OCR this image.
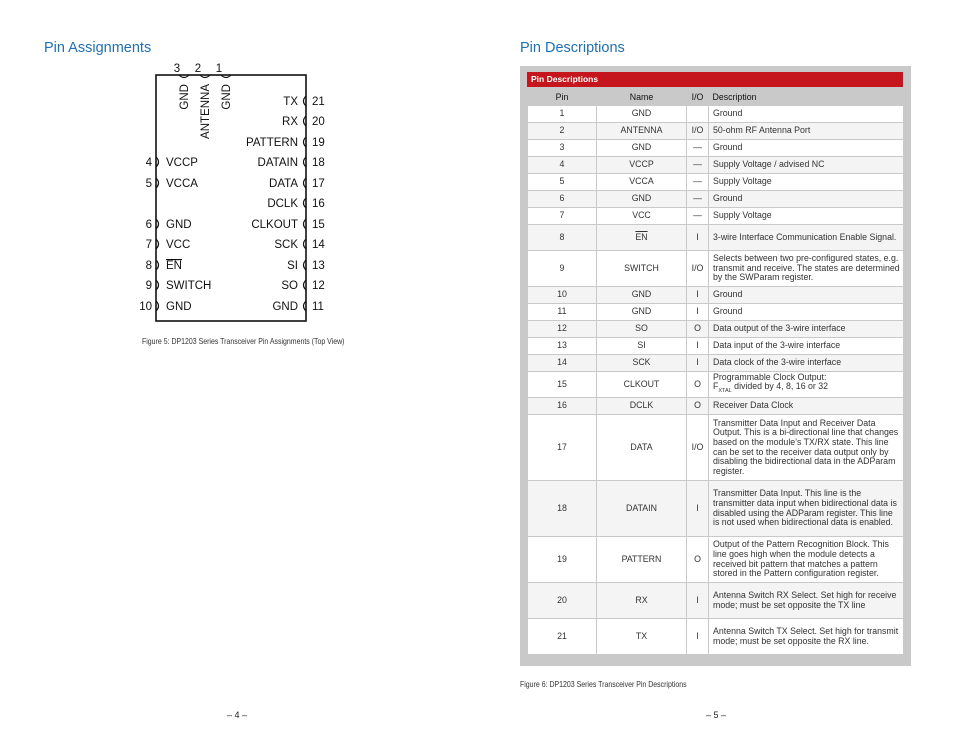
Pin Assignments	Pin Descriptions
4 VCCP
5 VCCA
6 GND
7 VCC
8 EN
9 SWITCH
10 GND
TX 21
RX 20
PATTERN 19
DATAIN 18
DATA 17
DCLK 16
CLKOUT 15
SCK 14
SI 13
SO 12
GND 11
3
GND
2
ANTENNA
1
GND
Figure 5: DP1203 Series Transceiver Pin Assignments (Top View)
Pin Descriptions
Pin	Name	I/O	Description
1	GND		Ground
2	ANTENNA	I/O	50-ohm RF Antenna Port
3	GND	—	Ground
4	VCCP	—	Supply Voltage / advised NC
5	VCCA	—	Supply Voltage
6	GND	—	Ground
7	VCC	—	Supply Voltage
8	$\overline{EN}$	I	3-wire Interface Communication Enable Signal.
9	SWITCH	I/O	Selects between two pre-configured states, e.g. transmit and receive. The states are determined by the SWParam register.
10	GND	I	Ground
11	GND	I	Ground
12	SO	O	Data output of the 3-wire interface
13	SI	I	Data input of the 3-wire interface
14	SCK	I	Data clock of the 3-wire interface
15	CLKOUT	O	Programmable Clock Output:
$F_{XTAL}$ divided by 4, 8, 16 or 32

16	DCLK	O	Receiver Data Clock
17	DATA	I/O	Transmitter Data Input and Receiver Data Output. This is a bi-directional line that changes based on the module’s TX/RX state. This line can be set to the receiver data output only by disabling the bidirectional data in the ADParam register.
18	DATAIN	I	Transmitter Data Input. This line is the transmitter data input when bidirectional data is disabled using the ADParam register. This line is not used when bidirectional data is enabled.
19	PATTERN	O	Output of the Pattern Recognition Block. This line goes high when the module detects a received bit pattern that matches a pattern stored in the Pattern configuration register.
20	RX	I	Antenna Switch RX Select. Set high for receive mode; must be set opposite the TX line
21	TX	I	Antenna Switch TX Select. Set high for transmit mode; must be set opposite the RX line.
Figure 6: DP1203 Series Transceiver Pin Descriptions
– 4 –	– 5 –
